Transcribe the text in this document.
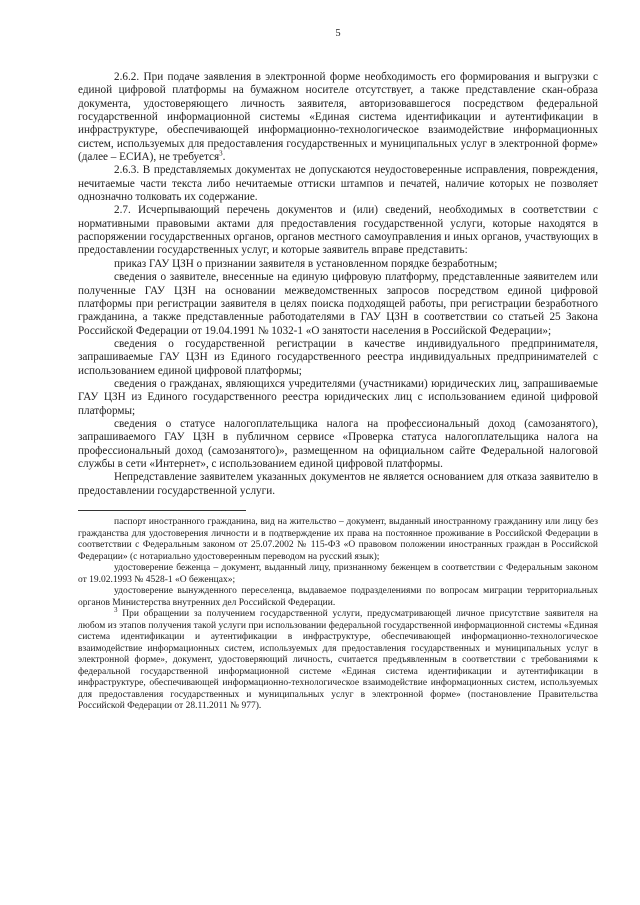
5

2.6.2. При подаче заявления в электронной форме необходимость его формирования и выгрузки с единой цифровой платформы на бумажном носителе отсутствует, а также представление скан-образа документа, удостоверяющего личность заявителя, авторизовавшегося посредством федеральной государственной информационной системы «Единая система идентификации и аутентификации в инфраструктуре, обеспечивающей информационно-технологическое взаимодействие информационных систем, используемых для предоставления государственных и муниципальных услуг в электронной форме» (далее – ЕСИА), не требуется$^3$.

2.6.3. В представляемых документах не допускаются неудостоверенные исправления, повреждения, нечитаемые части текста либо нечитаемые оттиски штампов и печатей, наличие которых не позволяет однозначно толковать их содержание.

2.7. Исчерпывающий перечень документов и (или) сведений, необходимых в соответствии с нормативными правовыми актами для предоставления государственной услуги, которые находятся в распоряжении государственных органов, органов местного самоуправления и иных органов, участвующих в предоставлении государственных услуг, и которые заявитель вправе представить:

приказ ГАУ ЦЗН о признании заявителя в установленном порядке безработным;

сведения о заявителе, внесенные на единую цифровую платформу, представленные заявителем или полученные ГАУ ЦЗН на основании межведомственных запросов посредством единой цифровой платформы при регистрации заявителя в целях поиска подходящей работы, при регистрации безработного гражданина, а также представленные работодателями в ГАУ ЦЗН в соответствии со статьей 25 Закона Российской Федерации от 19.04.1991 № 1032-1 «О занятости населения в Российской Федерации»;

сведения о государственной регистрации в качестве индивидуального предпринимателя, запрашиваемые ГАУ ЦЗН из Единого государственного реестра индивидуальных предпринимателей с использованием единой цифровой платформы;

сведения о гражданах, являющихся учредителями (участниками) юридических лиц, запрашиваемые ГАУ ЦЗН из Единого государственного реестра юридических лиц с использованием единой цифровой платформы;

сведения о статусе налогоплательщика налога на профессиональный доход (самозанятого), запрашиваемого ГАУ ЦЗН в публичном сервисе «Проверка статуса налогоплательщика налога на профессиональный доход (самозанятого)», размещенном на официальном сайте Федеральной налоговой службы в сети «Интернет», с использованием единой цифровой платформы.

Непредставление заявителем указанных документов не является основанием для отказа заявителю в предоставлении государственной услуги.

паспорт иностранного гражданина, вид на жительство – документ, выданный иностранному гражданину или лицу без гражданства для удостоверения личности и в подтверждение их права на постоянное проживание в Российской Федерации в соответствии с Федеральным законом от 25.07.2002 № 115-ФЗ «О правовом положении иностранных граждан в Российской Федерации» (с нотариально удостоверенным переводом на русский язык);

удостоверение беженца – документ, выданный лицу, признанному беженцем в соответствии с Федеральным законом от 19.02.1993 № 4528-1 «О беженцах»;

удостоверение вынужденного переселенца, выдаваемое подразделениями по вопросам миграции территориальных органов Министерства внутренних дел Российской Федерации.

$^3$ При обращении за получением государственной услуги, предусматривающей личное присутствие заявителя на любом из этапов получения такой услуги при использовании федеральной государственной информационной системы «Единая система идентификации и аутентификации в инфраструктуре, обеспечивающей информационно-технологическое взаимодействие информационных систем, используемых для предоставления государственных и муниципальных услуг в электронной форме», документ, удостоверяющий личность, считается предъявленным в соответствии с требованиями к федеральной государственной информационной системе «Единая система идентификации и аутентификации в инфраструктуре, обеспечивающей информационно-технологическое взаимодействие информационных систем, используемых для предоставления государственных и муниципальных услуг в электронной форме» (постановление Правительства Российской Федерации от 28.11.2011 № 977).
